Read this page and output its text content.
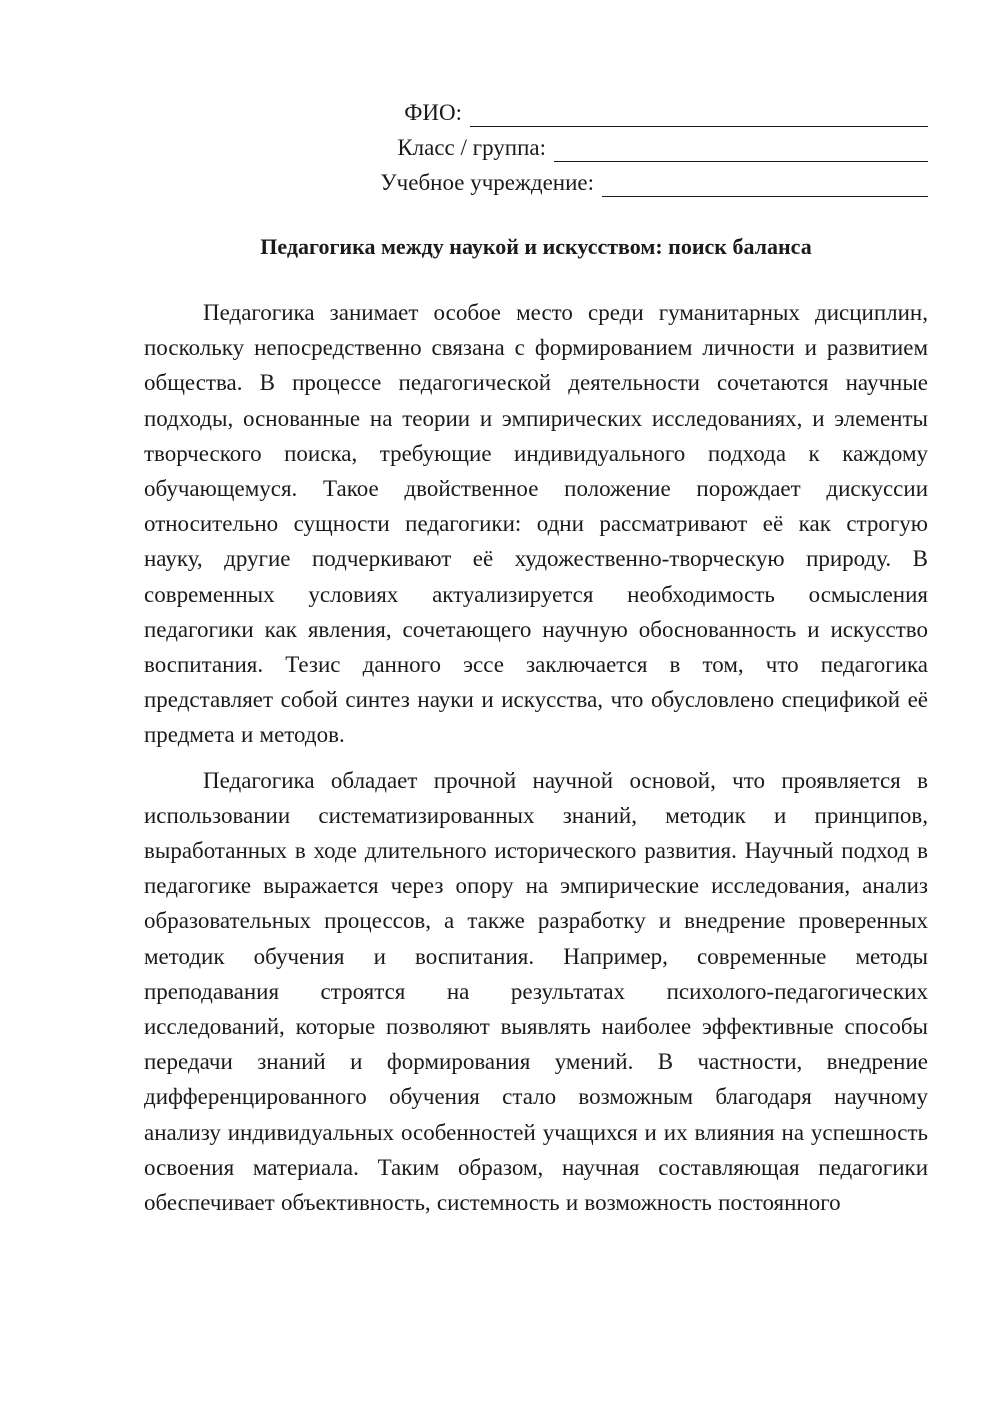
ФИО:
Класс / группа:
Учебное учреждение:
Педагогика между наукой и искусством: поиск баланса

Педагогика занимает особое место среди гуманитарных дисциплин, поскольку непосредственно связана с формированием личности и развитием общества. В процессе педагогической деятельности сочетаются научные подходы, основанные на теории и эмпирических исследованиях, и элементы творческого поиска, требующие индивидуального подхода к каждому обучающемуся. Такое двойственное положение порождает дискуссии относительно сущности педагогики: одни рассматривают её как строгую науку, другие подчеркивают её художественно-творческую природу. В современных условиях актуализируется необходимость осмысления педагогики как явления, сочетающего научную обоснованность и искусство воспитания. Тезис данного эссе заключается в том, что педагогика представляет собой синтез науки и искусства, что обусловлено спецификой её предмета и методов.

Педагогика обладает прочной научной основой, что проявляется в использовании систематизированных знаний, методик и принципов, выработанных в ходе длительного исторического развития. Научный подход в педагогике выражается через опору на эмпирические исследования, анализ образовательных процессов, а также разработку и внедрение проверенных методик обучения и воспитания. Например, современные методы преподавания строятся на результатах психолого-педагогических исследований, которые позволяют выявлять наиболее эффективные способы передачи знаний и формирования умений. В частности, внедрение дифференцированного обучения стало возможным благодаря научному анализу индивидуальных особенностей учащихся и их влияния на успешность освоения материала. Таким образом, научная составляющая педагогики обеспечивает объективность, системность и возможность постоянного
